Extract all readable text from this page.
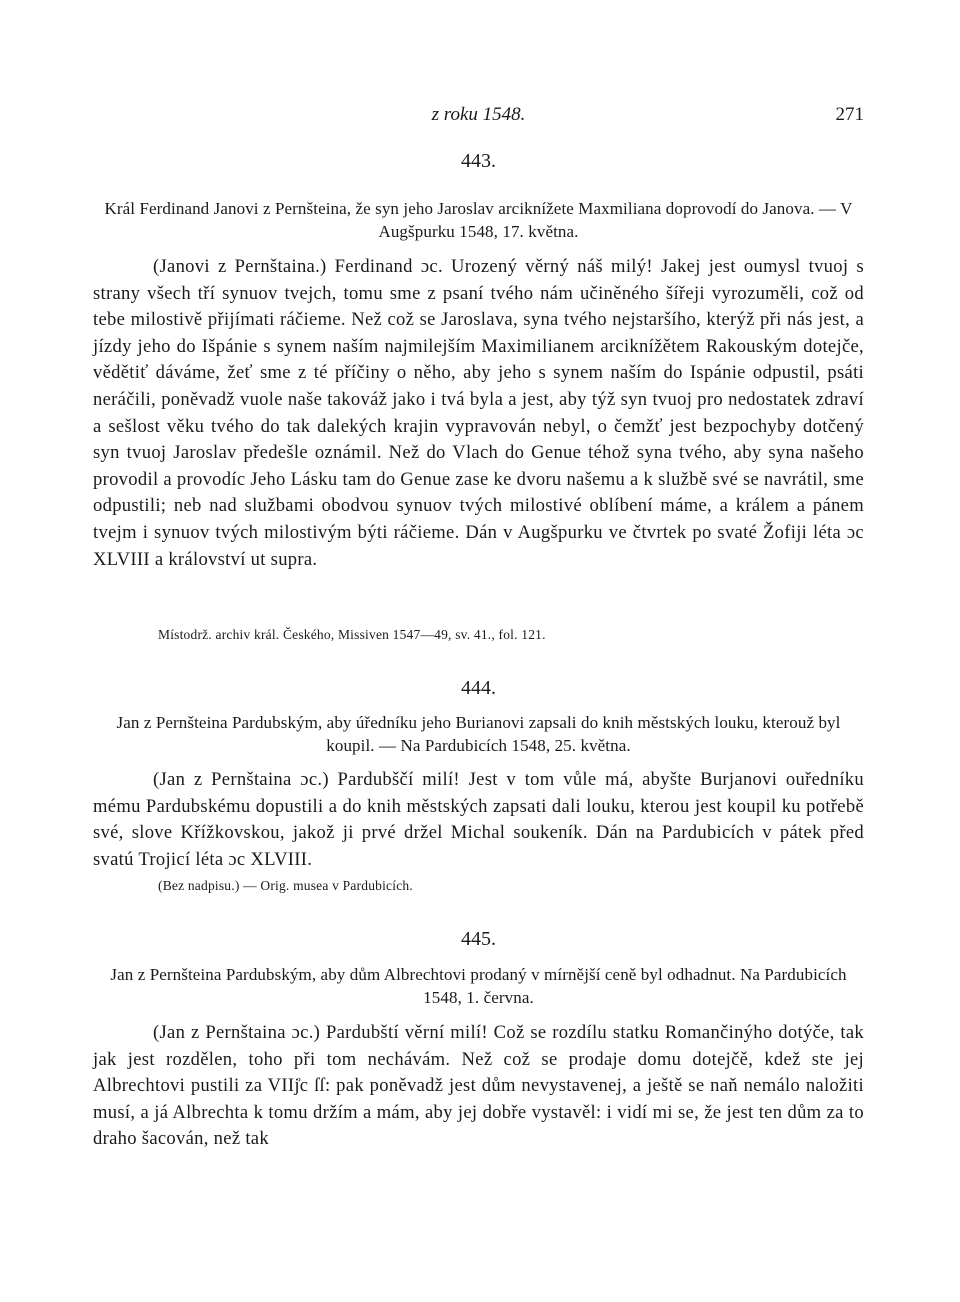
z roku 1548.	271
443.
Král Ferdinand Janovi z Pernšteina, že syn jeho Jaroslav arciknížete Maxmiliana doprovodí do Janova. — V Augšpurku 1548, 17. května.
(Janovi z Pernštaina.) Ferdinand ɔc. Urozený věrný náš milý! Jakej jest oumysl tvuoj s strany všech tří synuov tvejch, tomu sme z psaní tvého nám učiněného šířeji vyrozuměli, což od tebe milostivě přijímati ráčieme. Než což se Jaroslava, syna tvého nejstaršího, kterýž při nás jest, a jízdy jeho do Išpánie s synem naším najmilejším Maximilianem arciknížětem Rakouským dotejče, vědětiť dáváme, žeť sme z té příčiny o něho, aby jeho s synem naším do Ispánie odpustil, psáti neráčili, poněvadž vuole naše takováž jako i tvá byla a jest, aby týž syn tvuoj pro nedostatek zdraví a sešlost věku tvého do tak dalekých krajin vypravován nebyl, o čemžť jest bezpochyby dotčený syn tvuoj Jaroslav předešle oznámil. Než do Vlach do Genue téhož syna tvého, aby syna našeho provodil a provodíc Jeho Lásku tam do Genue zase ke dvoru našemu a k službě své se navrátil, sme odpustili; neb nad službami obodvou synuov tvých milostivé oblíbení máme, a králem a pánem tvejm i synuov tvých milostivým býti ráčieme. Dán v Augšpurku ve čtvrtek po svaté Žofiji léta ɔc XLVIII a království ut supra.
Místodrž. archiv král. Českého, Missiven 1547—49, sv. 41., fol. 121.
444.
Jan z Pernšteina Pardubským, aby úředníku jeho Burianovi zapsali do knih městských louku, kterouž byl koupil. — Na Pardubicích 1548, 25. května.
(Jan z Pernštaina ɔc.) Pardubščí milí! Jest v tom vůle má, abyšte Burjanovi ouředníku mému Pardubskému dopustili a do knih městských zapsati dali louku, kterou jest koupil ku potřebě své, slove Křížkovskou, jakož ji prvé držel Michal soukeník. Dán na Pardubicích v pátek před svatú Trojicí léta ɔc XLVIII.
(Bez nadpisu.) — Orig. musea v Pardubicích.
445.
Jan z Pernšteina Pardubským, aby dům Albrechtovi prodaný v mírnější ceně byl odhadnut. Na Pardubicích 1548, 1. června.
(Jan z Pernštaina ɔc.) Pardubští věrní milí! Což se rozdílu statku Romančinýho dotýče, tak jak jest rozdělen, toho při tom nechávám. Než což se prodaje domu dotejčě, kdež ste jej Albrechtovi pustili za VIIj͗c ſſ: pak poněvadž jest dům nevystavenej, a ještě se naň nemálo naložiti musí, a já Albrechta k tomu držím a mám, aby jej dobře vystavěl: i vidí mi se, že jest ten dům za to draho šacován, než tak
